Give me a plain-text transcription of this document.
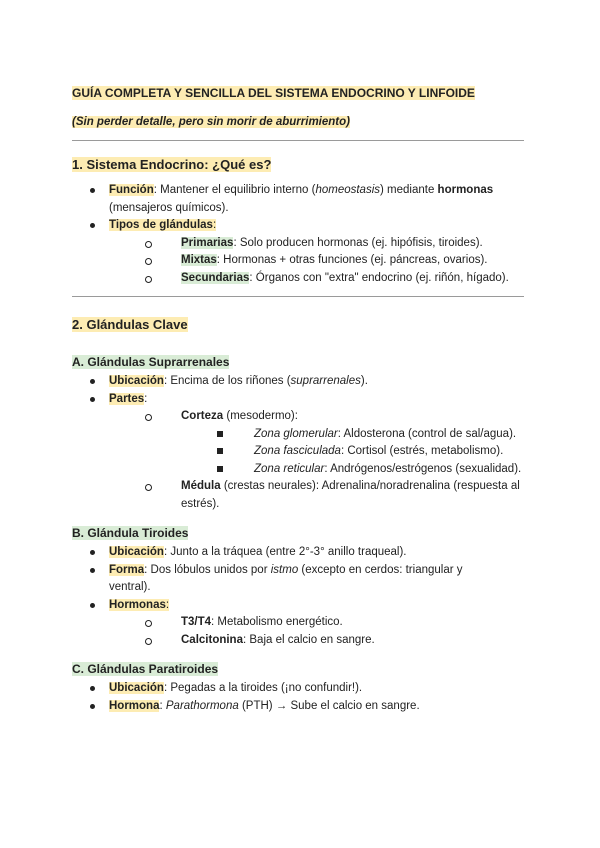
GUÍA COMPLETA Y SENCILLA DEL SISTEMA ENDOCRINO Y LINFOIDE
(Sin perder detalle, pero sin morir de aburrimiento)
1. Sistema Endocrino: ¿Qué es?
Función: Mantener el equilibrio interno (homeostasis) mediante hormonas
(mensajeros químicos).
Tipos de glándulas:
Primarias: Solo producen hormonas (ej. hipófisis, tiroides).
Mixtas: Hormonas + otras funciones (ej. páncreas, ovarios).
Secundarias: Órganos con "extra" endocrino (ej. riñón, hígado).
2. Glándulas Clave
A. Glándulas Suprarrenales
Ubicación: Encima de los riñones (suprarrenales).
Partes:
Corteza (mesodermo):
Zona glomerular: Aldosterona (control de sal/agua).
Zona fasciculada: Cortisol (estrés, metabolismo).
Zona reticular: Andrógenos/estrógenos (sexualidad).
Médula (crestas neurales): Adrenalina/noradrenalina (respuesta al
estrés).
B. Glándula Tiroides
Ubicación: Junto a la tráquea (entre 2°-3° anillo traqueal).
Forma: Dos lóbulos unidos por istmo (excepto en cerdos: triangular y
ventral).
Hormonas:
T3/T4: Metabolismo energético.
Calcitonina: Baja el calcio en sangre.
C. Glándulas Paratiroides
Ubicación: Pegadas a la tiroides (¡no confundir!).
Hormona: Parathormona (PTH) → Sube el calcio en sangre.
